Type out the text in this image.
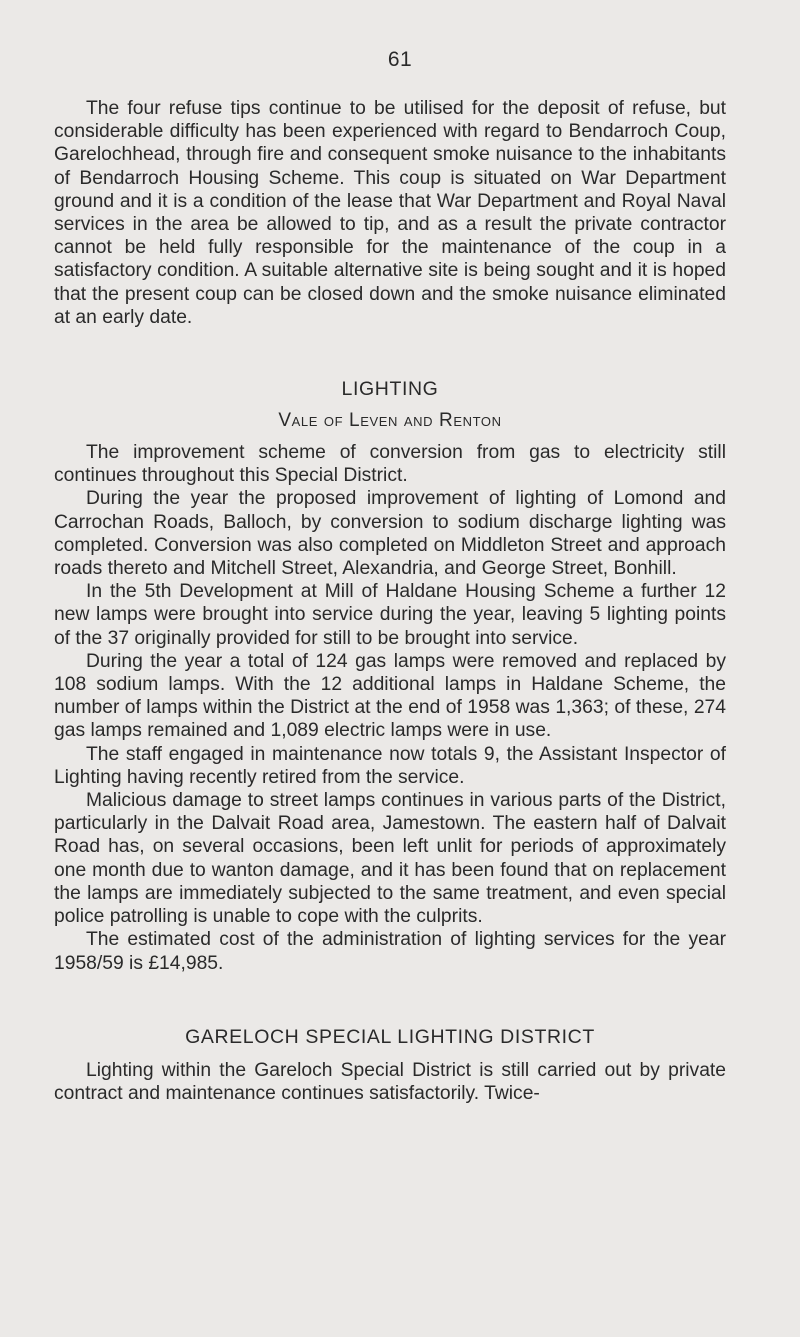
61

The four refuse tips continue to be utilised for the deposit of refuse, but considerable difficulty has been experienced with regard to Bendarroch Coup, Garelochhead, through fire and consequent smoke nuisance to the inhabitants of Bendarroch Housing Scheme. This coup is situated on War Department ground and it is a condition of the lease that War Department and Royal Naval services in the area be allowed to tip, and as a result the private contractor cannot be held fully responsible for the maintenance of the coup in a satisfactory condition. A suitable alternative site is being sought and it is hoped that the present coup can be closed down and the smoke nuisance eliminated at an early date.

LIGHTING
Vale of Leven and Renton

The improvement scheme of conversion from gas to electricity still continues throughout this Special District.

During the year the proposed improvement of lighting of Lomond and Carrochan Roads, Balloch, by conversion to sodium discharge lighting was completed. Conversion was also completed on Middleton Street and approach roads thereto and Mitchell Street, Alexandria, and George Street, Bonhill.

In the 5th Development at Mill of Haldane Housing Scheme a further 12 new lamps were brought into service during the year, leaving 5 lighting points of the 37 originally provided for still to be brought into service.

During the year a total of 124 gas lamps were removed and replaced by 108 sodium lamps. With the 12 additional lamps in Haldane Scheme, the number of lamps within the District at the end of 1958 was 1,363; of these, 274 gas lamps remained and 1,089 electric lamps were in use.

The staff engaged in maintenance now totals 9, the Assistant Inspector of Lighting having recently retired from the service.

Malicious damage to street lamps continues in various parts of the District, particularly in the Dalvait Road area, Jamestown. The eastern half of Dalvait Road has, on several occasions, been left unlit for periods of approximately one month due to wanton damage, and it has been found that on replacement the lamps are immediately subjected to the same treatment, and even special police patrolling is unable to cope with the culprits.

The estimated cost of the administration of lighting services for the year 1958/59 is £14,985.

GARELOCH SPECIAL LIGHTING DISTRICT

Lighting within the Gareloch Special District is still carried out by private contract and maintenance continues satisfactorily. Twice-
